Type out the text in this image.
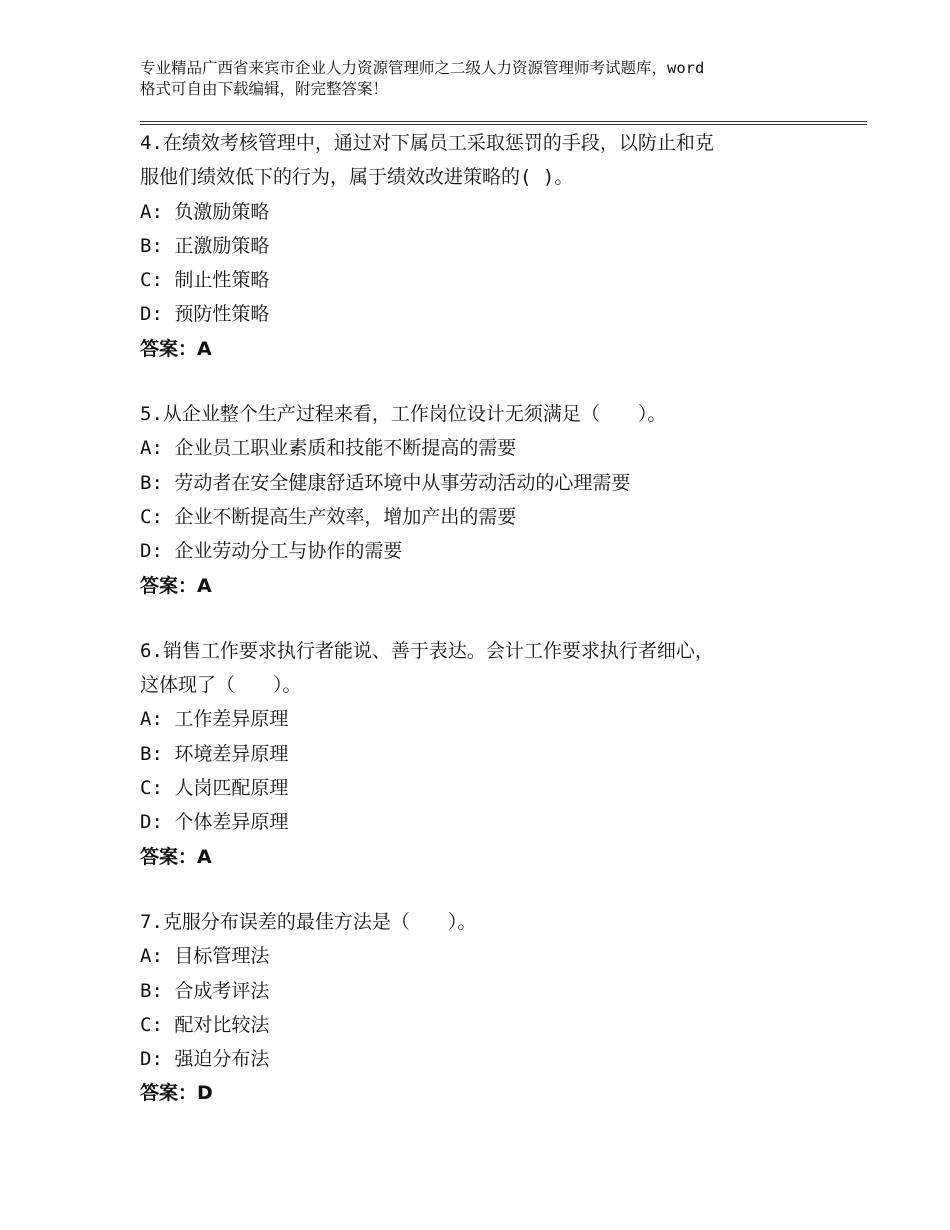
专业精品广西省来宾市企业人力资源管理师之二级人力资源管理师考试题库，word
格式可自由下载编辑，附完整答案！
4.在绩效考核管理中，通过对下属员工采取惩罚的手段，以防止和克
服他们绩效低下的行为，属于绩效改进策略的( )。
A: 负激励策略
B: 正激励策略
C: 制止性策略
D: 预防性策略
答案：A
5.从企业整个生产过程来看，工作岗位设计无须满足（　　）。
A: 企业员工职业素质和技能不断提高的需要
B: 劳动者在安全健康舒适环境中从事劳动活动的心理需要
C: 企业不断提高生产效率，增加产出的需要
D: 企业劳动分工与协作的需要
答案：A
6.销售工作要求执行者能说、善于表达。会计工作要求执行者细心，
这体现了（　　）。
A: 工作差异原理
B: 环境差异原理
C: 人岗匹配原理
D: 个体差异原理
答案：A
7.克服分布误差的最佳方法是（　　）。
A: 目标管理法
B: 合成考评法
C: 配对比较法
D: 强迫分布法
答案：D
